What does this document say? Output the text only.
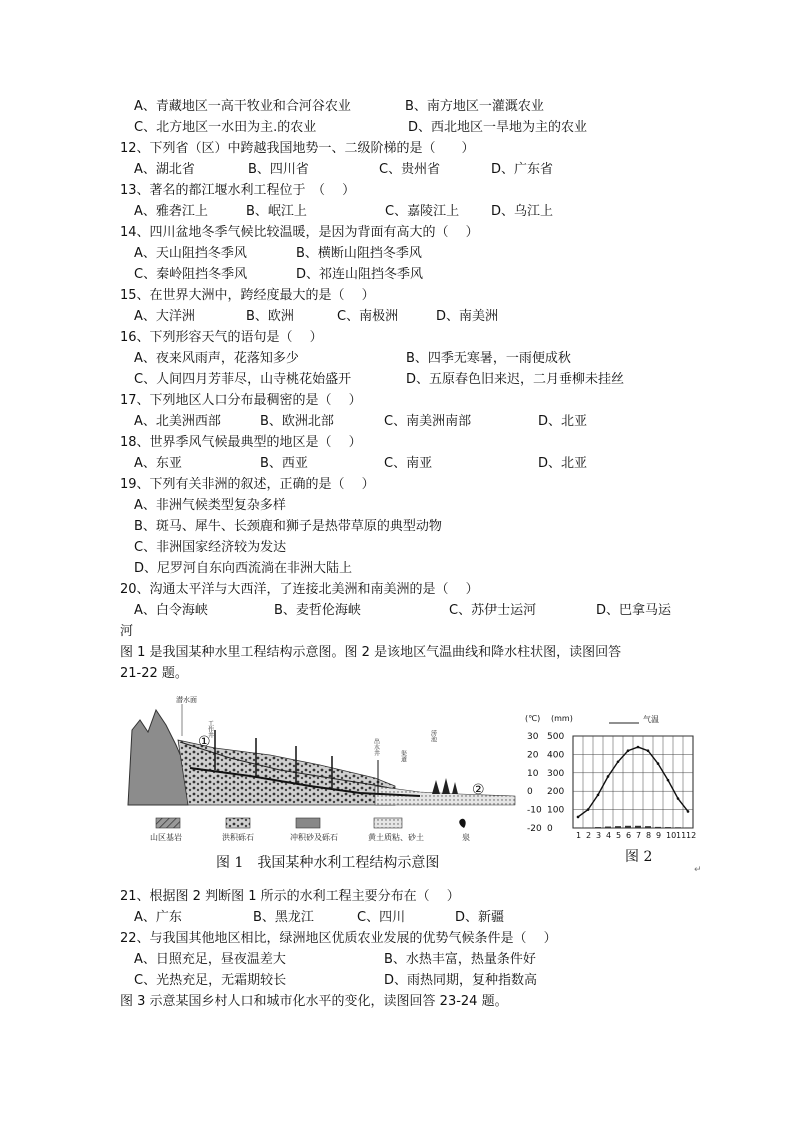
A、青藏地区一高干牧业和合河谷农业	B、南方地区一灌溉农业
C、北方地区一水田为主.的农业	D、西北地区一旱地为主的农业
12、下列省（区）中跨越我国地势一、二级阶梯的是（　　）
A、湖北省	B、四川省	C、贵州省	D、广东省
13、著名的都江堰水利工程位于　（　 ）
A、雅砻江上	B、岷江上	C、嘉陵江上 D、乌江上
14、四川盆地冬季气候比较温暖，是因为背面有高大的（　 ）
A、天山阻挡冬季风	B、横断山阻挡冬季风
C、秦岭阻挡冬季风	D、祁连山阻挡冬季风
15、在世界大洲中，跨经度最大的是（　 ）
A、大洋洲	B、欧洲	C、南极洲	D、南美洲
16、下列形容天气的语句是（　 ）
A、夜来风雨声，花落知多少	B、四季无寒暑，一雨便成秋
C、人间四月芳菲尽，山寺桃花始盛开	D、五原春色旧来迟，二月垂柳未挂丝
17、下列地区人口分布最稠密的是（　 ）
A、北美洲西部	B、欧洲北部	C、南美洲南部	D、北亚
18、世界季风气候最典型的地区是（　 ）
A、东亚	B、西亚	C、南亚	D、北亚
19、下列有关非洲的叙述，正确的是（　 ）
A、非洲气候类型复杂多样
B、斑马、犀牛、长颈鹿和狮子是热带草原的典型动物
C、非洲国家经济较为发达
D、尼罗河自东向西流淌在非洲大陆上
20、沟通太平洋与大西洋，了连接北美洲和南美洲的是（　 ）
A、白令海峡	B、麦哲伦海峡	C、苏伊士运河	D、巴拿马运
河
图 1 是我国某种水里工程结构示意图。图 2 是该地区气温曲线和降水柱状图，读图回答
21-22 题。
①
②
潜水面
工作井
出水井	渠道
涝池
山区基岩	洪积砾石	冲积砂及砾石	黄土质粘、砂土	泉
图 1　我国某种水利工程结构示意图
(℃) (mm)	气温
30
20
10
0
-10
-20
500
400
300
200
100
0
1 2 3 4 5 6 7 8 9 10 11 12
图 2
↵
21、根据图 2 判断图 1 所示的水利工程主要分布在（　 ）
A、广东	B、黑龙江	C、四川	D、新疆
22、与我国其他地区相比，绿洲地区优质农业发展的优势气候条件是（　 ）
A、日照充足，昼夜温差大	B、水热丰富，热量条件好
C、光热充足，无霜期较长	D、雨热同期，复种指数高
图 3 示意某国乡村人口和城市化水平的变化，读图回答 23-24 题。
